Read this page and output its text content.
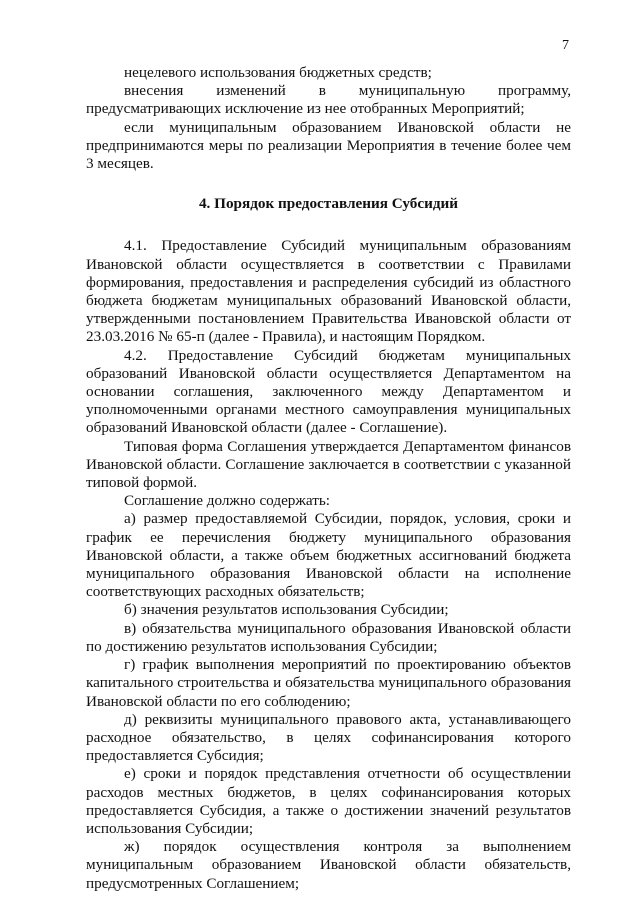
7

нецелевого использования бюджетных средств;

внесения изменений в муниципальную программу, предусматривающих исключение из нее отобранных Мероприятий;

если муниципальным образованием Ивановской области не предпринимаются меры по реализации Мероприятия в течение более чем 3 месяцев.

4. Порядок предоставления Субсидий

4.1. Предоставление Субсидий муниципальным образованиям Ивановской области осуществляется в соответствии с Правилами формирования, предоставления и распределения субсидий из областного бюджета бюджетам муниципальных образований Ивановской области, утвержденными постановлением Правительства Ивановской области от 23.03.2016 № 65-п (далее - Правила), и настоящим Порядком.

4.2. Предоставление Субсидий бюджетам муниципальных образований Ивановской области осуществляется Департаментом на основании соглашения, заключенного между Департаментом и уполномоченными органами местного самоуправления муниципальных образований Ивановской области (далее - Соглашение).

Типовая форма Соглашения утверждается Департаментом финансов Ивановской области. Соглашение заключается в соответствии с указанной типовой формой.

Соглашение должно содержать:

а) размер предоставляемой Субсидии, порядок, условия, сроки и график ее перечисления бюджету муниципального образования Ивановской области, а также объем бюджетных ассигнований бюджета муниципального образования Ивановской области на исполнение соответствующих расходных обязательств;

б) значения результатов использования Субсидии;

в) обязательства муниципального образования Ивановской области по достижению результатов использования Субсидии;

г) график выполнения мероприятий по проектированию объектов капитального строительства и обязательства муниципального образования Ивановской области по его соблюдению;

д) реквизиты муниципального правового акта, устанавливающего расходное обязательство, в целях софинансирования которого предоставляется Субсидия;

е) сроки и порядок представления отчетности об осуществлении расходов местных бюджетов, в целях софинансирования которых предоставляется Субсидия, а также о достижении значений результатов использования Субсидии;

ж) порядок осуществления контроля за выполнением муниципальным образованием Ивановской области обязательств, предусмотренных Соглашением;
